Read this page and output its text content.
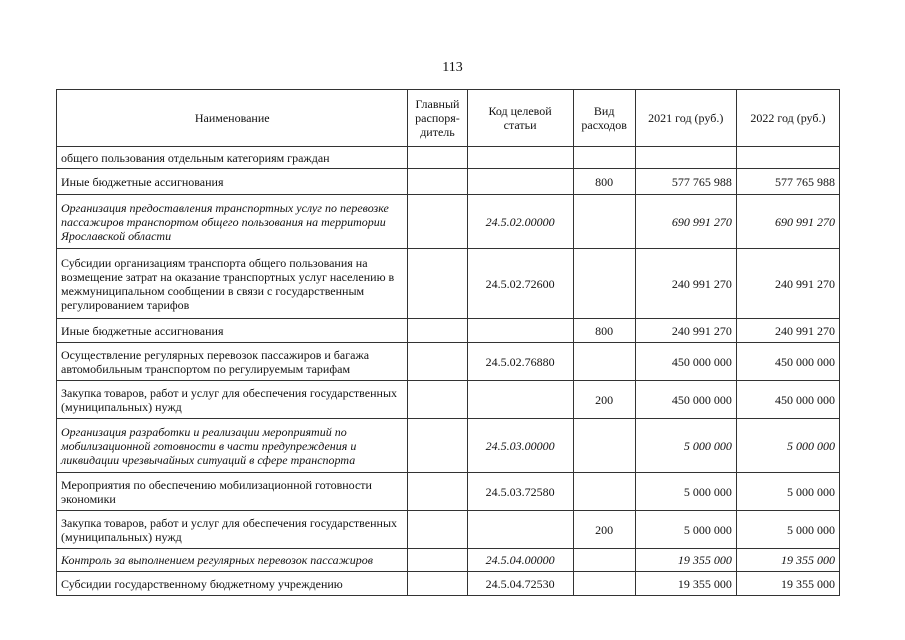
113
Наименование	Главный распоря-дитель	Код целевой статьи	Вид расходов	2021 год (руб.)	2022 год (руб.)
общего пользования отдельным категориям граждан					
Иные бюджетные ассигнования			800	577 765 988	577 765 988
Организация предоставления транспортных услуг по перевозке пассажиров транспортом общего пользования на территории Ярославской области		24.5.02.00000		690 991 270	690 991 270
Субсидии организациям транспорта общего пользования на возмещение затрат на оказание транспортных услуг населению в межмуниципальном сообщении в связи с государственным регулированием тарифов		24.5.02.72600		240 991 270	240 991 270
Иные бюджетные ассигнования			800	240 991 270	240 991 270
Осуществление регулярных перевозок пассажиров и багажа автомобильным транспортом по регулируемым тарифам		24.5.02.76880		450 000 000	450 000 000
Закупка товаров, работ и услуг для обеспечения государственных (муниципальных) нужд			200	450 000 000	450 000 000
Организация разработки и реализации мероприятий по мобилизационной готовности в части предупреждения и ликвидации чрезвычайных ситуаций в сфере транспорта		24.5.03.00000		5 000 000	5 000 000
Мероприятия по обеспечению мобилизационной готовности экономики		24.5.03.72580		5 000 000	5 000 000
Закупка товаров, работ и услуг для обеспечения государственных (муниципальных) нужд			200	5 000 000	5 000 000
Контроль за выполнением регулярных перевозок пассажиров		24.5.04.00000		19 355 000	19 355 000
Субсидии государственному бюджетному учреждению		24.5.04.72530		19 355 000	19 355 000
